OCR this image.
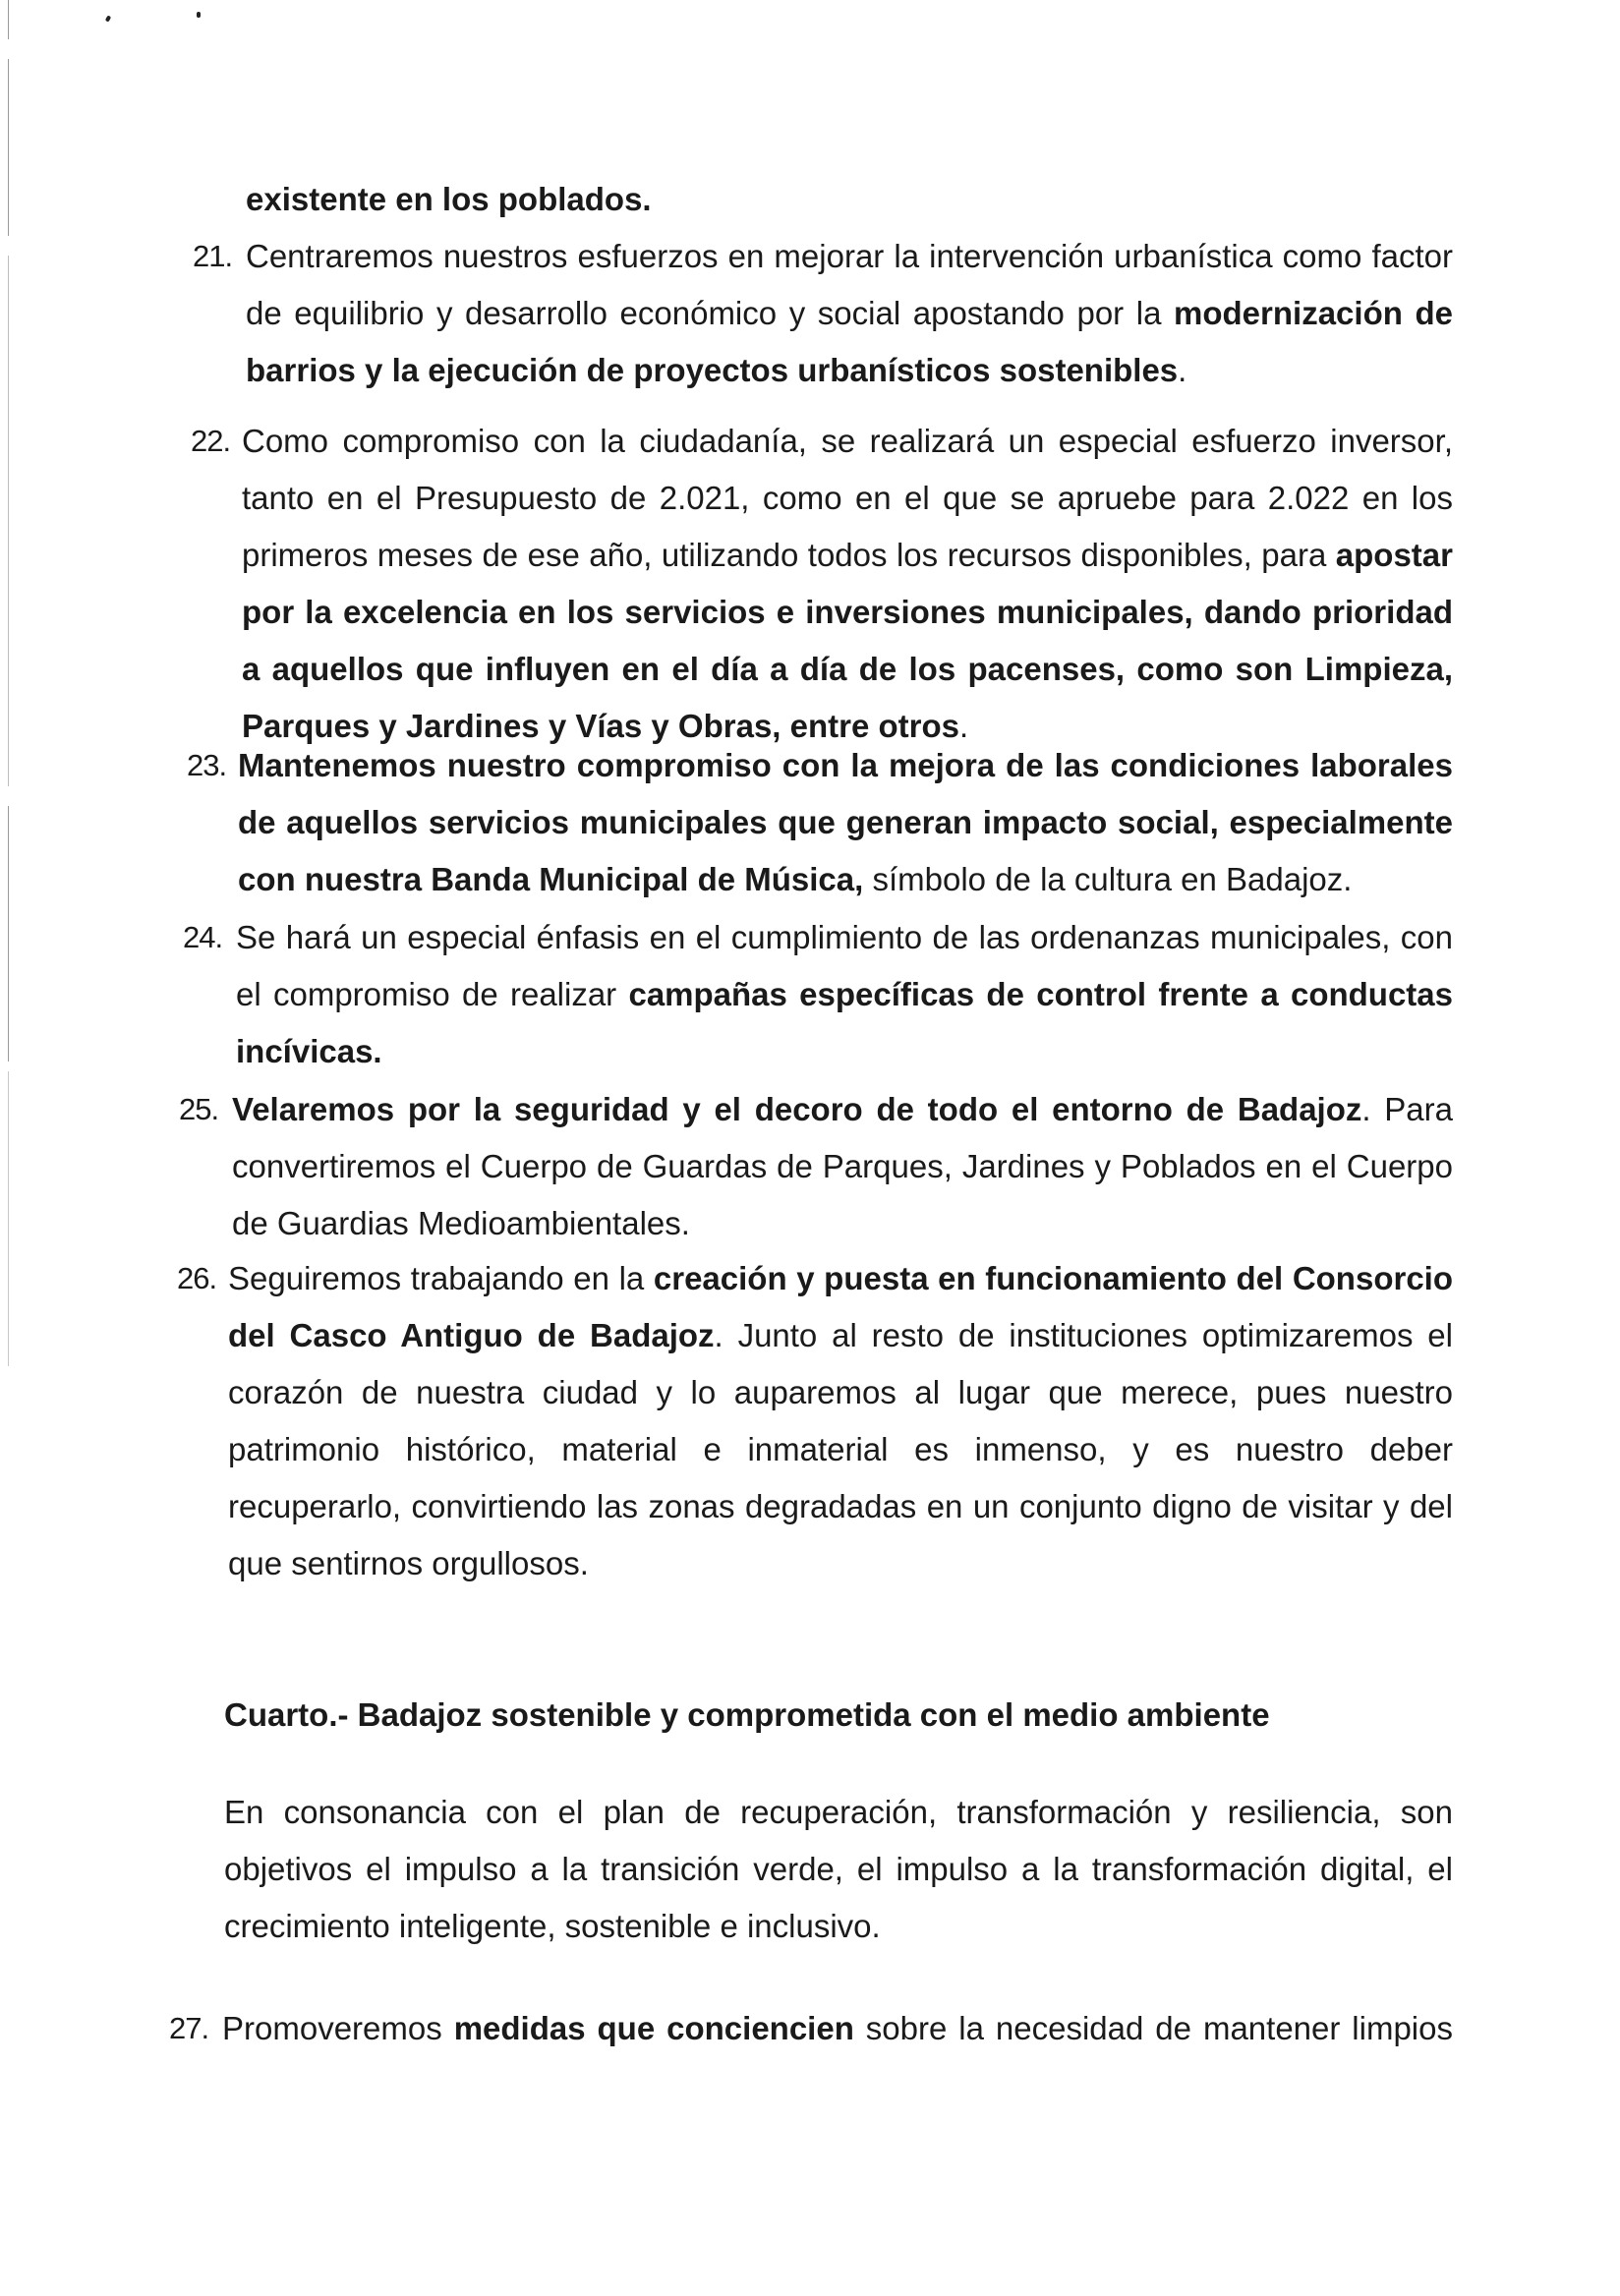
existente en los poblados.
21. Centraremos nuestros esfuerzos en mejorar la intervención urbanística como factor
de equilibrio y desarrollo económico y social apostando por la modernización de
barrios y la ejecución de proyectos urbanísticos sostenibles.
22. Como compromiso con la ciudadanía, se realizará un especial esfuerzo inversor,
tanto en el Presupuesto de 2.021, como en el que se apruebe para 2.022 en los
primeros meses de ese año, utilizando todos los recursos disponibles, para apostar
por la excelencia en los servicios e inversiones municipales, dando prioridad
a aquellos que influyen en el día a día de los pacenses, como son Limpieza,
Parques y Jardines y Vías y Obras, entre otros.
23. Mantenemos nuestro compromiso con la mejora de las condiciones laborales
de aquellos servicios municipales que generan impacto social, especialmente
con nuestra Banda Municipal de Música, símbolo de la cultura en Badajoz.
24. Se hará un especial énfasis en el cumplimiento de las ordenanzas municipales, con
el compromiso de realizar campañas específicas de control frente a conductas
incívicas.
25. Velaremos por la seguridad y el decoro de todo el entorno de Badajoz. Para
convertiremos el Cuerpo de Guardas de Parques, Jardines y Poblados en el Cuerpo
de Guardias Medioambientales.
26. Seguiremos trabajando en la creación y puesta en funcionamiento del Consorcio
del Casco Antiguo de Badajoz. Junto al resto de instituciones optimizaremos el
corazón de nuestra ciudad y lo auparemos al lugar que merece, pues nuestro
patrimonio histórico, material e inmaterial es inmenso, y es nuestro deber
recuperarlo, convirtiendo las zonas degradadas en un conjunto digno de visitar y del
que sentirnos orgullosos.
Cuarto.- Badajoz sostenible y comprometida con el medio ambiente
En consonancia con el plan de recuperación, transformación y resiliencia, son
objetivos el impulso a la transición verde, el impulso a la transformación digital, el
crecimiento inteligente, sostenible e inclusivo.
27. Promoveremos medidas que conciencien sobre la necesidad de mantener limpios
